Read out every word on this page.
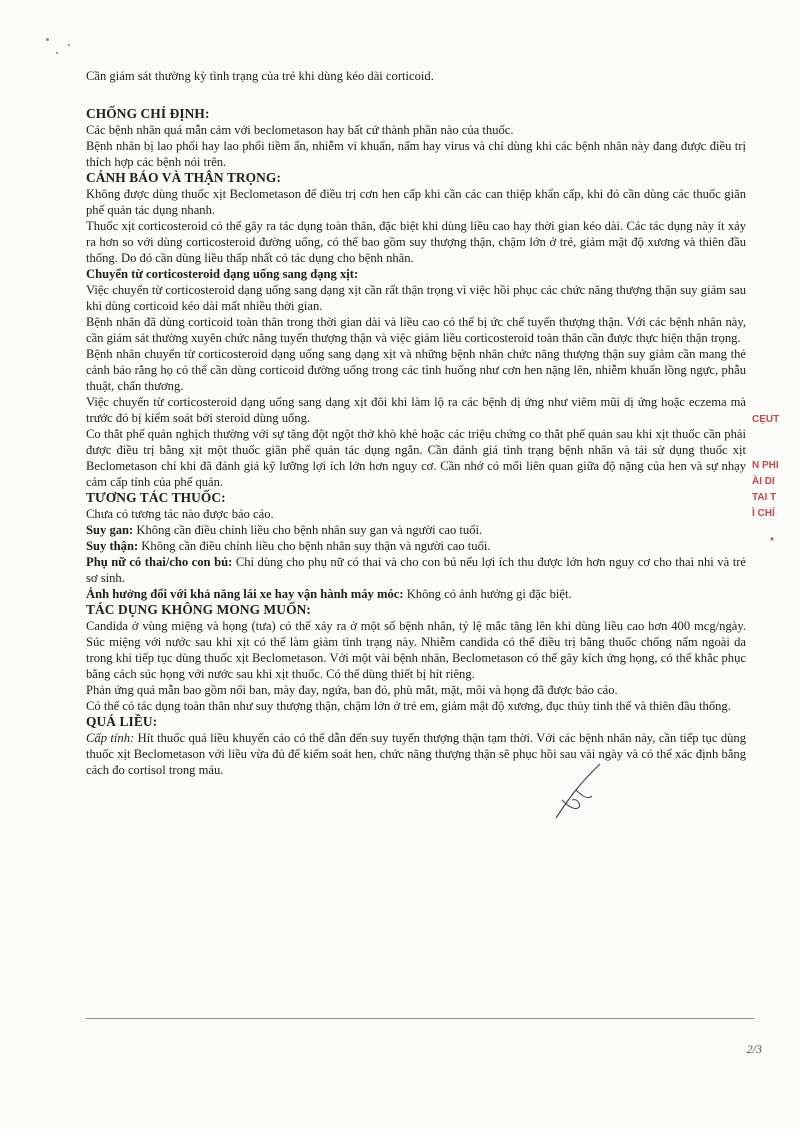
Cần giám sát thường kỳ tình trạng của trẻ khi dùng kéo dài corticoid.

CHỐNG CHỈ ĐỊNH:

Các bệnh nhân quá mẫn cảm với beclometason hay bất cứ thành phần nào của thuốc.

Bệnh nhân bị lao phổi hay lao phổi tiềm ẩn, nhiễm vi khuẩn, nấm hay virus và chỉ dùng khi các bệnh nhân này đang được điều trị thích hợp các bệnh nói trên.

CẢNH BÁO VÀ THẬN TRỌNG:

Không được dùng thuốc xịt Beclometason để điều trị cơn hen cấp khi cần các can thiệp khẩn cấp, khi đó cần dùng các thuốc giãn phế quản tác dụng nhanh.

Thuốc xịt corticosteroid có thể gây ra tác dụng toàn thân, đặc biệt khi dùng liều cao hay thời gian kéo dài. Các tác dụng này ít xảy ra hơn so với dùng corticosteroid đường uống, có thể bao gồm suy thượng thận, chậm lớn ở trẻ, giảm mật độ xương và thiên đầu thống. Do đó cần dùng liều thấp nhất có tác dụng cho bệnh nhân.

Chuyển từ corticosteroid dạng uống sang dạng xịt:

Việc chuyển từ corticosteroid dạng uống sang dạng xịt cần rất thận trọng vì việc hồi phục các chức năng thượng thận suy giảm sau khi dùng corticoid kéo dài mất nhiều thời gian.

Bệnh nhân đã dùng corticoid toàn thân trong thời gian dài và liều cao có thể bị ức chế tuyến thượng thận. Với các bệnh nhân này, cần giám sát thường xuyên chức năng tuyến thượng thận và việc giảm liều corticosteroid toàn thân cần được thực hiện thận trọng.

Bệnh nhân chuyển từ corticosteroid dạng uống sang dạng xịt và những bệnh nhân chức năng thượng thận suy giảm cần mang thẻ cảnh báo rằng họ có thể cần dùng corticoid đường uống trong các tình huống như cơn hen nặng lên, nhiễm khuẩn lồng ngực, phẫu thuật, chấn thương.

Việc chuyển từ corticosteroid dạng uống sang dạng xịt đôi khi làm lộ ra các bệnh dị ứng như viêm mũi dị ứng hoặc eczema mà trước đó bị kiểm soát bởi steroid dùng uống.

Co thắt phế quản nghịch thường với sự tăng đột ngột thở khò khè hoặc các triệu chứng co thắt phế quản sau khi xịt thuốc cần phải được điều trị bằng xịt một thuốc giãn phế quản tác dụng ngắn. Cần đánh giá tình trạng bệnh nhân và tái sử dụng thuốc xịt Beclometason chỉ khi đã đánh giá kỹ lưỡng lợi ích lớn hơn nguy cơ. Cần nhớ có mối liên quan giữa độ nặng của hen và sự nhạy cảm cấp tính của phế quản.

TƯƠNG TÁC THUỐC:

Chưa có tương tác nào được báo cáo.

Suy gan: Không cần điều chỉnh liều cho bệnh nhân suy gan và người cao tuổi.

Suy thận: Không cần điều chỉnh liều cho bệnh nhân suy thận và người cao tuổi.

Phụ nữ có thai/cho con bú: Chỉ dùng cho phụ nữ có thai và cho con bú nếu lợi ích thu được lớn hơn nguy cơ cho thai nhi và trẻ sơ sinh.

Ảnh hưởng đối với khả năng lái xe hay vận hành máy móc: Không có ảnh hưởng gì đặc biệt.

TÁC DỤNG KHÔNG MONG MUỐN:

Candida ở vùng miệng và họng (tưa) có thể xảy ra ở một số bệnh nhân, tỷ lệ mắc tăng lên khi dùng liều cao hơn 400 mcg/ngày. Súc miệng với nước sau khi xịt có thể làm giảm tình trạng này. Nhiễm candida có thể điều trị bằng thuốc chống nấm ngoài da trong khi tiếp tục dùng thuốc xịt Beclometason. Với một vài bệnh nhân, Beclometason có thể gây kích ứng họng, có thể khắc phục bằng cách súc họng với nước sau khi xịt thuốc. Có thể dùng thiết bị hít riêng.

Phản ứng quá mẫn bao gồm nổi ban, mày đay, ngứa, ban đỏ, phù mắt, mặt, môi và họng đã được báo cáo.

Có thể có tác dụng toàn thân như suy thượng thận, chậm lớn ở trẻ em, giảm mật độ xương, đục thủy tinh thể và thiên đầu thống.

QUÁ LIỀU:

Cấp tính: Hít thuốc quá liều khuyến cáo có thể dẫn đến suy tuyến thượng thận tạm thời. Với các bệnh nhân này, cần tiếp tục dùng thuốc xịt Beclometason với liều vừa đủ để kiểm soát hen, chức năng thượng thận sẽ phục hồi sau vài ngày và có thể xác định bằng cách đo cortisol trong máu.

CẸUT
N PHI
ÀI DI
TAI T
Ì CHÍ
*
2/3
